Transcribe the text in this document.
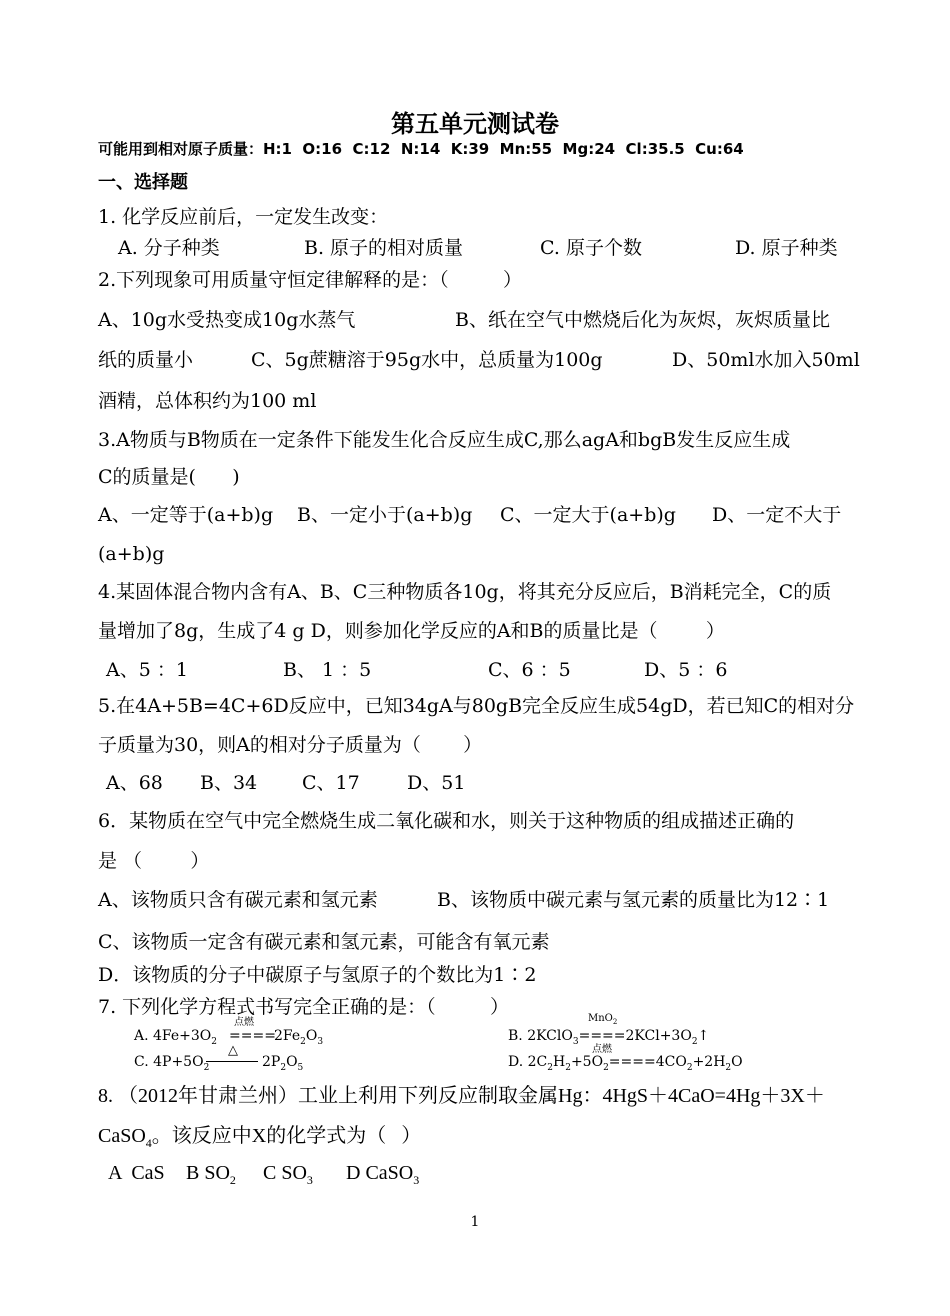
第五单元测试卷
可能用到相对原子质量：H:1  O:16  C:12  N:14  K:39  Mn:55  Mg:24  Cl:35.5  Cu:64
一、选择题
1. 化学反应前后，一定发生改变：
A. 分子种类	B. 原子的相对质量	C. 原子个数	D. 原子种类
2.下列现象可用质量守恒定律解释的是：（         ）
A、10g水受热变成10g水蒸气	B、纸在空气中燃烧后化为灰烬，灰烬质量比
纸的质量小	C、5g蔗糖溶于95g水中，总质量为100g	D、50ml水加入50ml
酒精，总体积约为100 ml
3.A物质与B物质在一定条件下能发生化合反应生成C,那么agA和bgB发生反应生成
C的质量是(      )
A、一定等于(a+b)g B、一定小于(a+b)g C、一定大于(a+b)g D、一定不大于
(a+b)g
4.某固体混合物内含有A、B、C三种物质各10g，将其充分反应后，B消耗完全，C的质
量增加了8g，生成了4 g D，则参加化学反应的A和B的质量比是（        ）
A、5 ：1	B、 1 ：5	C、6 ：5	D、5 ：6
5.在4A+5B=4C+6D反应中，已知34gA与80gB完全反应生成54gD，若已知C的相对分
子质量为30，则A的相对分子质量为（       ）
A、68 B、34 C、17 D、51
6．某物质在空气中完全燃烧生成二氧化碳和水，则关于这种物质的组成描述正确的
是 （        ）
A、该物质只含有碳元素和氢元素	B、该物质中碳元素与氢元素的质量比为12∶1
C、该物质一定含有碳元素和氢元素，可能含有氧元素
D．该物质的分子中碳原子与氢原子的个数比为1∶2
7. 下列化学方程式书写完全正确的是：（         ）
A. $4Fe+3O_2$
点燃
====
$2Fe_2O_3$
MnO$_2$
B. $2KClO_3====2KCl+3O_2↑$
C. $4P+5O_2$
△
$2P_2O_5$
点燃
D. $2C_2H_2+5O_2====4CO_2+2H_2O$
8. （2012年甘肃兰州）工业上利用下列反应制取金属Hg：4HgS＋4CaO=4Hg＋3X＋
CaSO$_4$。该反应中X的化学式为（   ）
A  CaS B $SO_2$ C $SO_3$ D CaSO$_3$
1
